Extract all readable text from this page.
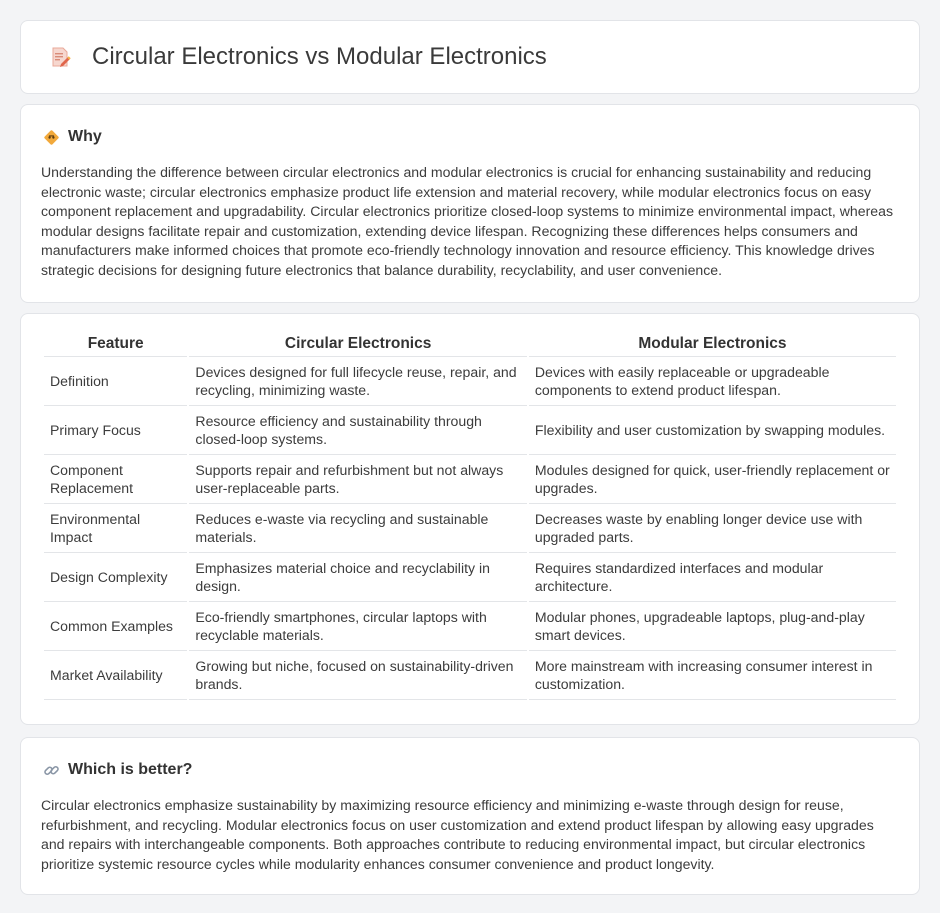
Circular Electronics vs Modular Electronics
Why

Understanding the difference between circular electronics and modular electronics is crucial for enhancing sustainability and reducing electronic waste; circular electronics emphasize product life extension and material recovery, while modular electronics focus on easy component replacement and upgradability. Circular electronics prioritize closed-loop systems to minimize environmental impact, whereas modular designs facilitate repair and customization, extending device lifespan. Recognizing these differences helps consumers and manufacturers make informed choices that promote eco-friendly technology innovation and resource efficiency. This knowledge drives strategic decisions for designing future electronics that balance durability, recyclability, and user convenience.

Feature	Circular Electronics	Modular Electronics
Definition	Devices designed for full lifecycle reuse, repair, and recycling, minimizing waste.	Devices with easily replaceable or upgradeable components to extend product lifespan.
Primary Focus	Resource efficiency and sustainability through closed-loop systems.	Flexibility and user customization by swapping modules.
Component Replacement	Supports repair and refurbishment but not always user-replaceable parts.	Modules designed for quick, user-friendly replacement or upgrades.
Environmental Impact	Reduces e-waste via recycling and sustainable materials.	Decreases waste by enabling longer device use with upgraded parts.
Design Complexity	Emphasizes material choice and recyclability in design.	Requires standardized interfaces and modular architecture.
Common Examples	Eco-friendly smartphones, circular laptops with recyclable materials.	Modular phones, upgradeable laptops, plug-and-play smart devices.
Market Availability	Growing but niche, focused on sustainability-driven brands.	More mainstream with increasing consumer interest in customization.
Which is better?

Circular electronics emphasize sustainability by maximizing resource efficiency and minimizing e-waste through design for reuse, refurbishment, and recycling. Modular electronics focus on user customization and extend product lifespan by allowing easy upgrades and repairs with interchangeable components. Both approaches contribute to reducing environmental impact, but circular electronics prioritize systemic resource cycles while modularity enhances consumer convenience and product longevity.
